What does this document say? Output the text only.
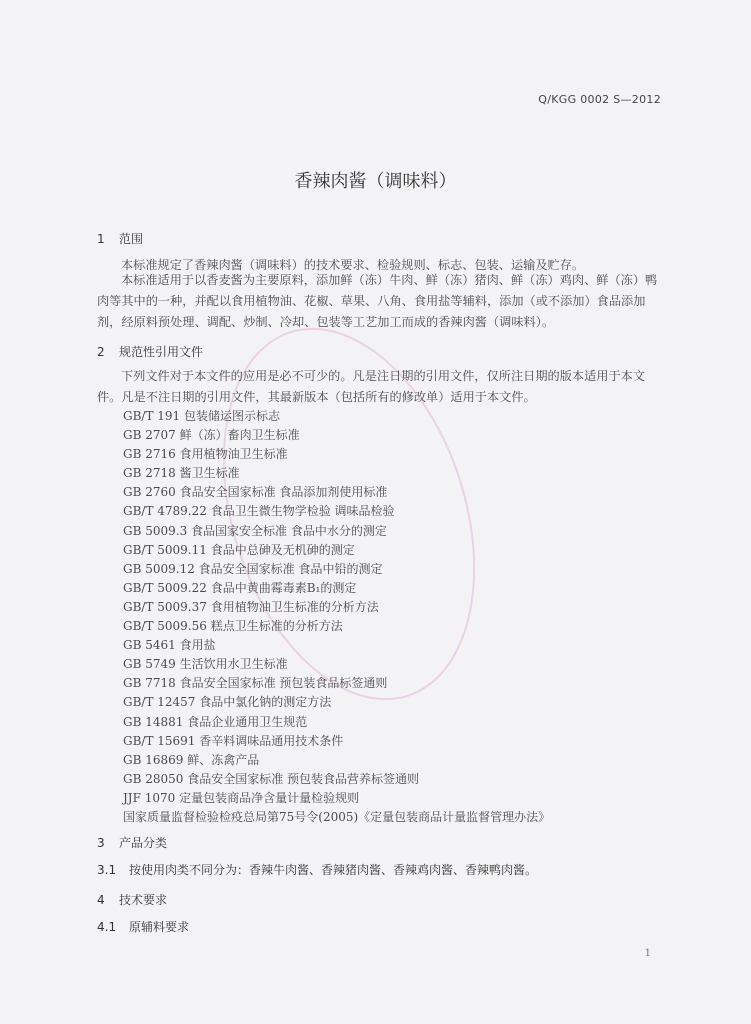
Q/KGG 0002 S—2012
香辣肉酱（调味料）
1 范围
本标准规定了香辣肉酱（调味料）的技术要求、检验规则、标志、包装、运输及贮存。
本标准适用于以香麦酱为主要原料，添加鲜（冻）牛肉、鲜（冻）猪肉、鲜（冻）鸡肉、鲜（冻）鸭肉等其中的一种，并配以食用植物油、花椒、草果、八角、食用盐等辅料，添加（或不添加）食品添加剂，经原料预处理、调配、炒制、冷却、包装等工艺加工而成的香辣肉酱（调味料）。
2 规范性引用文件
下列文件对于本文件的应用是必不可少的。凡是注日期的引用文件，仅所注日期的版本适用于本文件。凡是不注日期的引用文件，其最新版本（包括所有的修改单）适用于本文件。
GB/T 191 包装储运图示标志
GB 2707 鲜（冻）畜肉卫生标准
GB 2716 食用植物油卫生标准
GB 2718 酱卫生标准
GB 2760 食品安全国家标准 食品添加剂使用标准
GB/T 4789.22 食品卫生微生物学检验 调味品检验
GB 5009.3 食品国家安全标准 食品中水分的测定
GB/T 5009.11 食品中总砷及无机砷的测定
GB 5009.12 食品安全国家标准 食品中铅的测定
GB/T 5009.22 食品中黄曲霉毒素B₁的测定
GB/T 5009.37 食用植物油卫生标准的分析方法
GB/T 5009.56 糕点卫生标准的分析方法
GB 5461 食用盐
GB 5749 生活饮用水卫生标准
GB 7718 食品安全国家标准 预包装食品标签通则
GB/T 12457 食品中氯化钠的测定方法
GB 14881 食品企业通用卫生规范
GB/T 15691 香辛料调味品通用技术条件
GB 16869 鲜、冻禽产品
GB 28050 食品安全国家标准 预包装食品营养标签通则
JJF 1070 定量包装商品净含量计量检验规则
国家质量监督检验检疫总局第75号令(2005)《定量包装商品计量监督管理办法》
3 产品分类
3.1 按使用肉类不同分为：香辣牛肉酱、香辣猪肉酱、香辣鸡肉酱、香辣鸭肉酱。
4 技术要求
4.1 原辅料要求
1
